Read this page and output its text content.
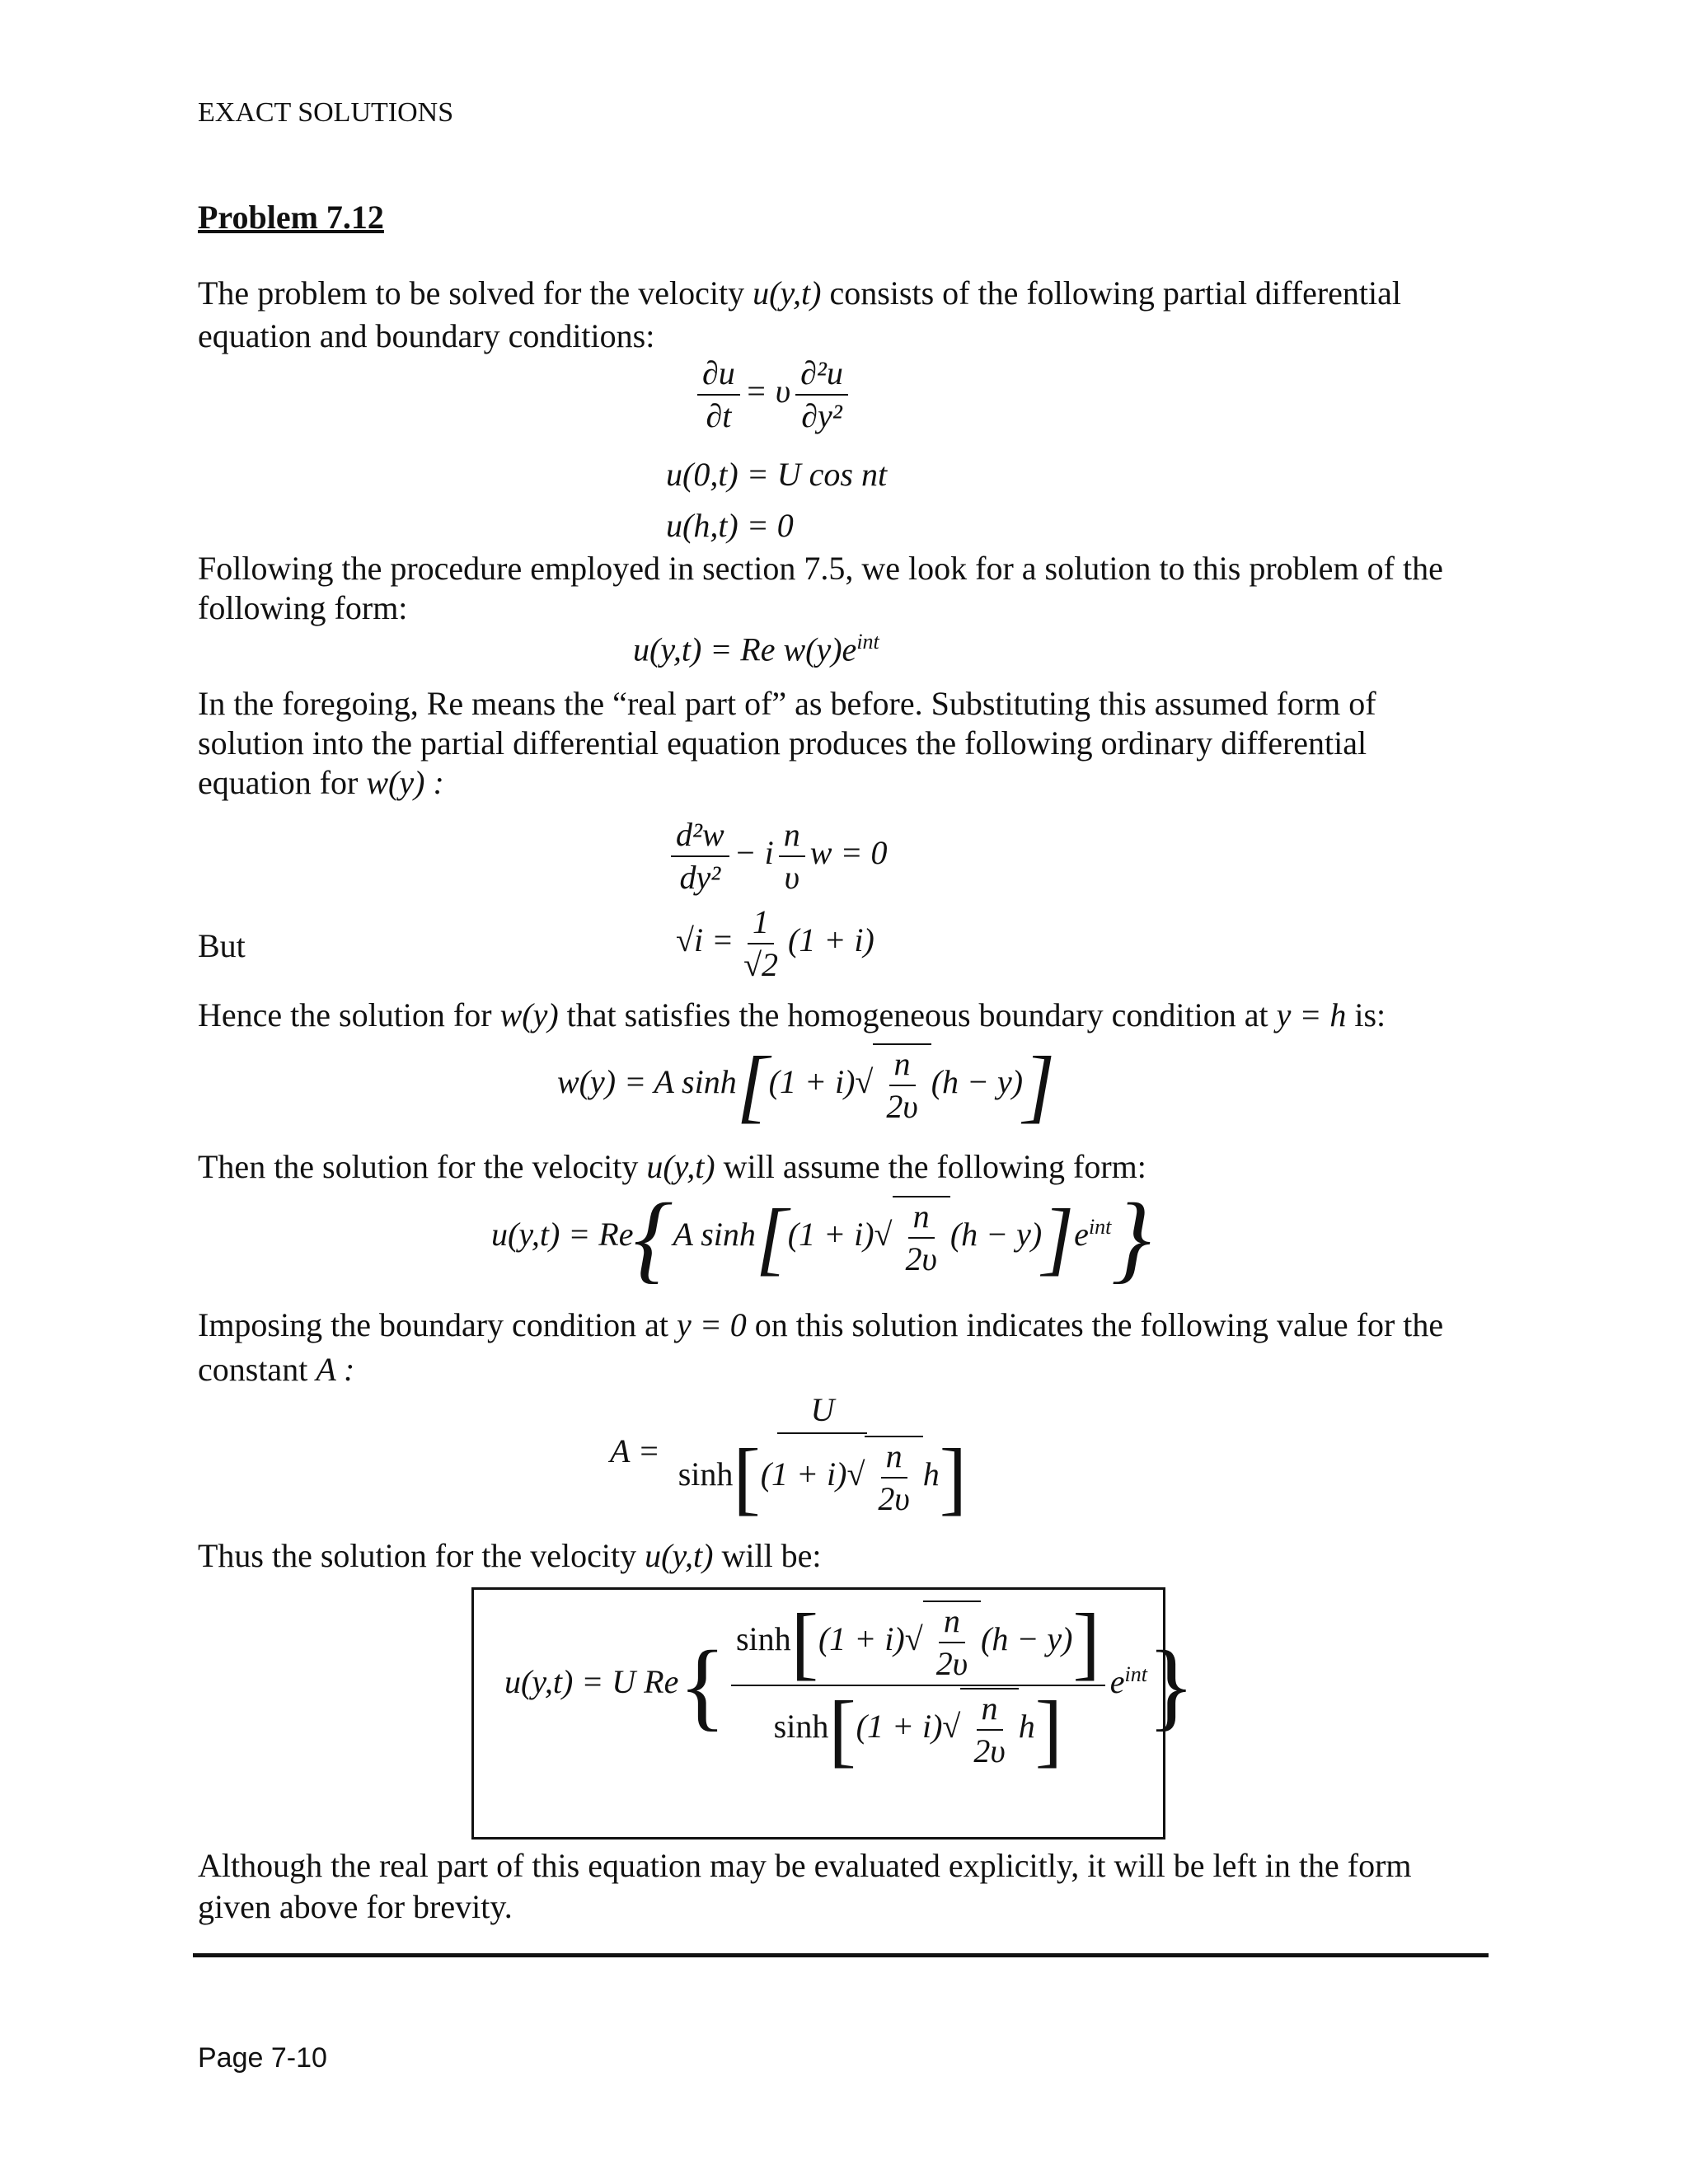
EXACT SOLUTIONS
Problem 7.12
The problem to be solved for the velocity u(y,t) consists of the following partial differential
equation and boundary conditions:
$\frac{\partial u}{\partial t} = \upsilon \frac{\text{∂²u}}{\text{∂y²}}$
u(0,t) = U cos nt
u(h,t) = 0
Following the procedure employed in section 7.5, we look for a solution to this problem of the
following form:
u(y,t) = Re $w(y)e^{int}$
In the foregoing, Re means the “real part of” as before. Substituting this assumed form of
solution into the partial differential equation produces the following ordinary differential
equation for w(y) :
$\frac{\text{d²w}}{\text{dy²}} - i \frac{n}{\upsilon}$ w = 0
But	$√i = \frac{1}{√2} (1 + i)$
Hence the solution for w(y) that satisfies the homogeneous boundary condition at y = h is:
w(y) = A $\sinh[(1 + i)√ \frac{n}{2\upsilon} (h - y)]$
Then the solution for the velocity u(y,t) will assume the following form:
u(y,t) = Re{A $\sinh[(1 + i)√ \frac{n}{2\upsilon} (h - y)]e^{int}$}
Imposing the boundary condition at y = 0 on this solution indicates the following value for the
constant A :
$A = \frac{U}{\sinh[(1 + i)√ \frac{n}{2\upsilon} h]}$
Thus the solution for the velocity u(y,t) will be:
u(y,t) = U $Re\{ \frac{\sinh[(1 + i)√ \frac{n}{2\upsilon} (h - y)]}{\sinh[(1 + i)√ \frac{n}{2\upsilon} h]} e^{int}\}$
Although the real part of this equation may be evaluated explicitly, it will be left in the form
given above for brevity.
Page 7-10
